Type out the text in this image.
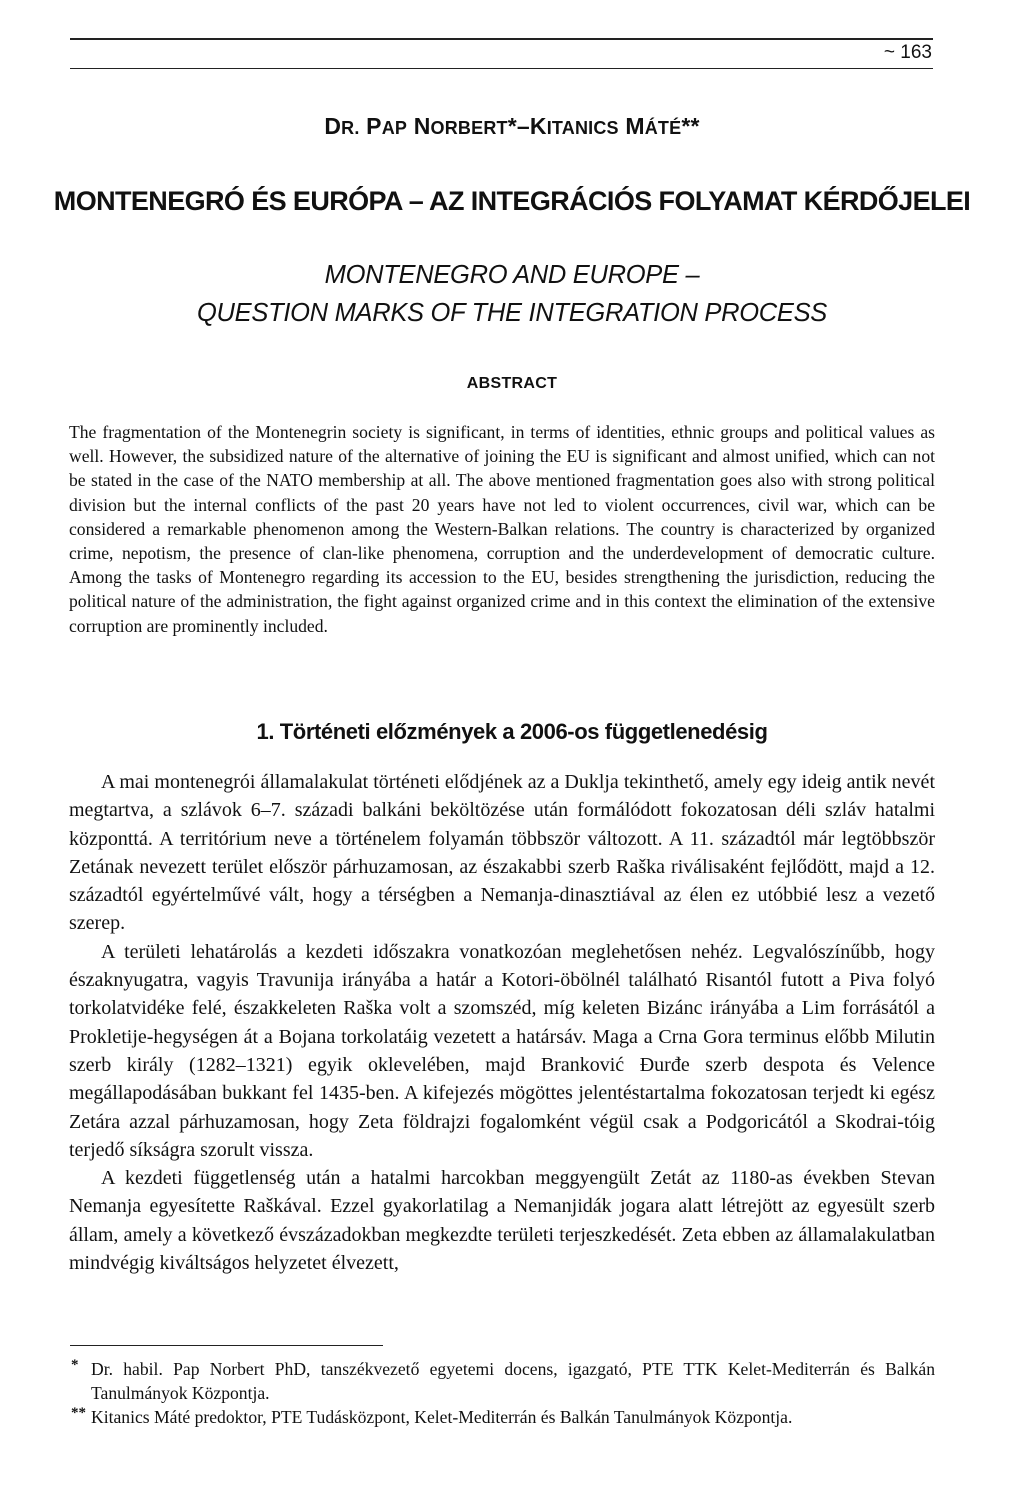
~ 163
DR. PAP NORBERT*–KITANICS MÁTÉ**
MONTENEGRÓ ÉS EURÓPA – AZ INTEGRÁCIÓS FOLYAMAT KÉRDŐJELEI
MONTENEGRO AND EUROPE –
QUESTION MARKS OF THE INTEGRATION PROCESS
ABSTRACT

The fragmentation of the Montenegrin society is significant, in terms of identities, ethnic groups and political values as well. However, the subsidized nature of the alternative of joining the EU is significant and almost unified, which can not be stated in the case of the NATO membership at all. The above mentioned fragmentation goes also with strong political division but the internal conflicts of the past 20 years have not led to violent occurrences, civil war, which can be considered a remarkable phenomenon among the Western-Balkan relations. The country is characterized by organized crime, nepotism, the presence of clan-like phenomena, corruption and the underdevelopment of democratic culture. Among the tasks of Montenegro regarding its accession to the EU, besides strengthening the jurisdiction, reducing the political nature of the administration, the fight against organized crime and in this context the elimination of the extensive corruption are prominently included.

1. Történeti előzmények a 2006-os függetlenedésig

A mai montenegrói államalakulat történeti elődjének az a Duklja tekinthető, amely egy ideig antik nevét megtartva, a szlávok 6–7. századi balkáni beköltözése után formálódott fokozatosan déli szláv hatalmi központtá. A territórium neve a történelem folyamán többször változott. A 11. századtól már legtöbbször Zetának nevezett terület először párhuzamosan, az északabbi szerb Raška riválisaként fejlődött, majd a 12. századtól egyértelművé vált, hogy a térségben a Nemanja-dinasztiával az élen ez utóbbié lesz a vezető szerep.

A területi lehatárolás a kezdeti időszakra vonatkozóan meglehetősen nehéz. Legvalószínűbb, hogy északnyugatra, vagyis Travunija irányába a határ a Kotori-öbölnél található Risantól futott a Piva folyó torkolatvidéke felé, északkeleten Raška volt a szomszéd, míg keleten Bizánc irányába a Lim forrásától a Prokletije-hegységen át a Bojana torkolatáig vezetett a határsáv. Maga a Crna Gora terminus előbb Milutin szerb király (1282–1321) egyik oklevelében, majd Branković Đurđe szerb despota és Velence megállapodásában bukkant fel 1435-ben. A kifejezés mögöttes jelentéstartalma fokozatosan terjedt ki egész Zetára azzal párhuzamosan, hogy Zeta földrajzi fogalomként végül csak a Podgoricától a Skodrai-tóig terjedő síkságra szorult vissza.

A kezdeti függetlenség után a hatalmi harcokban meggyengült Zetát az 1180-as években Stevan Nemanja egyesítette Raškával. Ezzel gyakorlatilag a Nemanjidák jogara alatt létrejött az egyesült szerb állam, amely a következő évszázadokban megkezdte területi terjeszkedését. Zeta ebben az államalakulatban mindvégig kiváltságos helyzetet élvezett,

* Dr. habil. Pap Norbert PhD, tanszékvezető egyetemi docens, igazgató, PTE TTK Kelet-Mediterrán és Balkán Tanulmányok Központja.

** Kitanics Máté predoktor, PTE Tudásközpont, Kelet-Mediterrán és Balkán Tanulmányok Központja.
